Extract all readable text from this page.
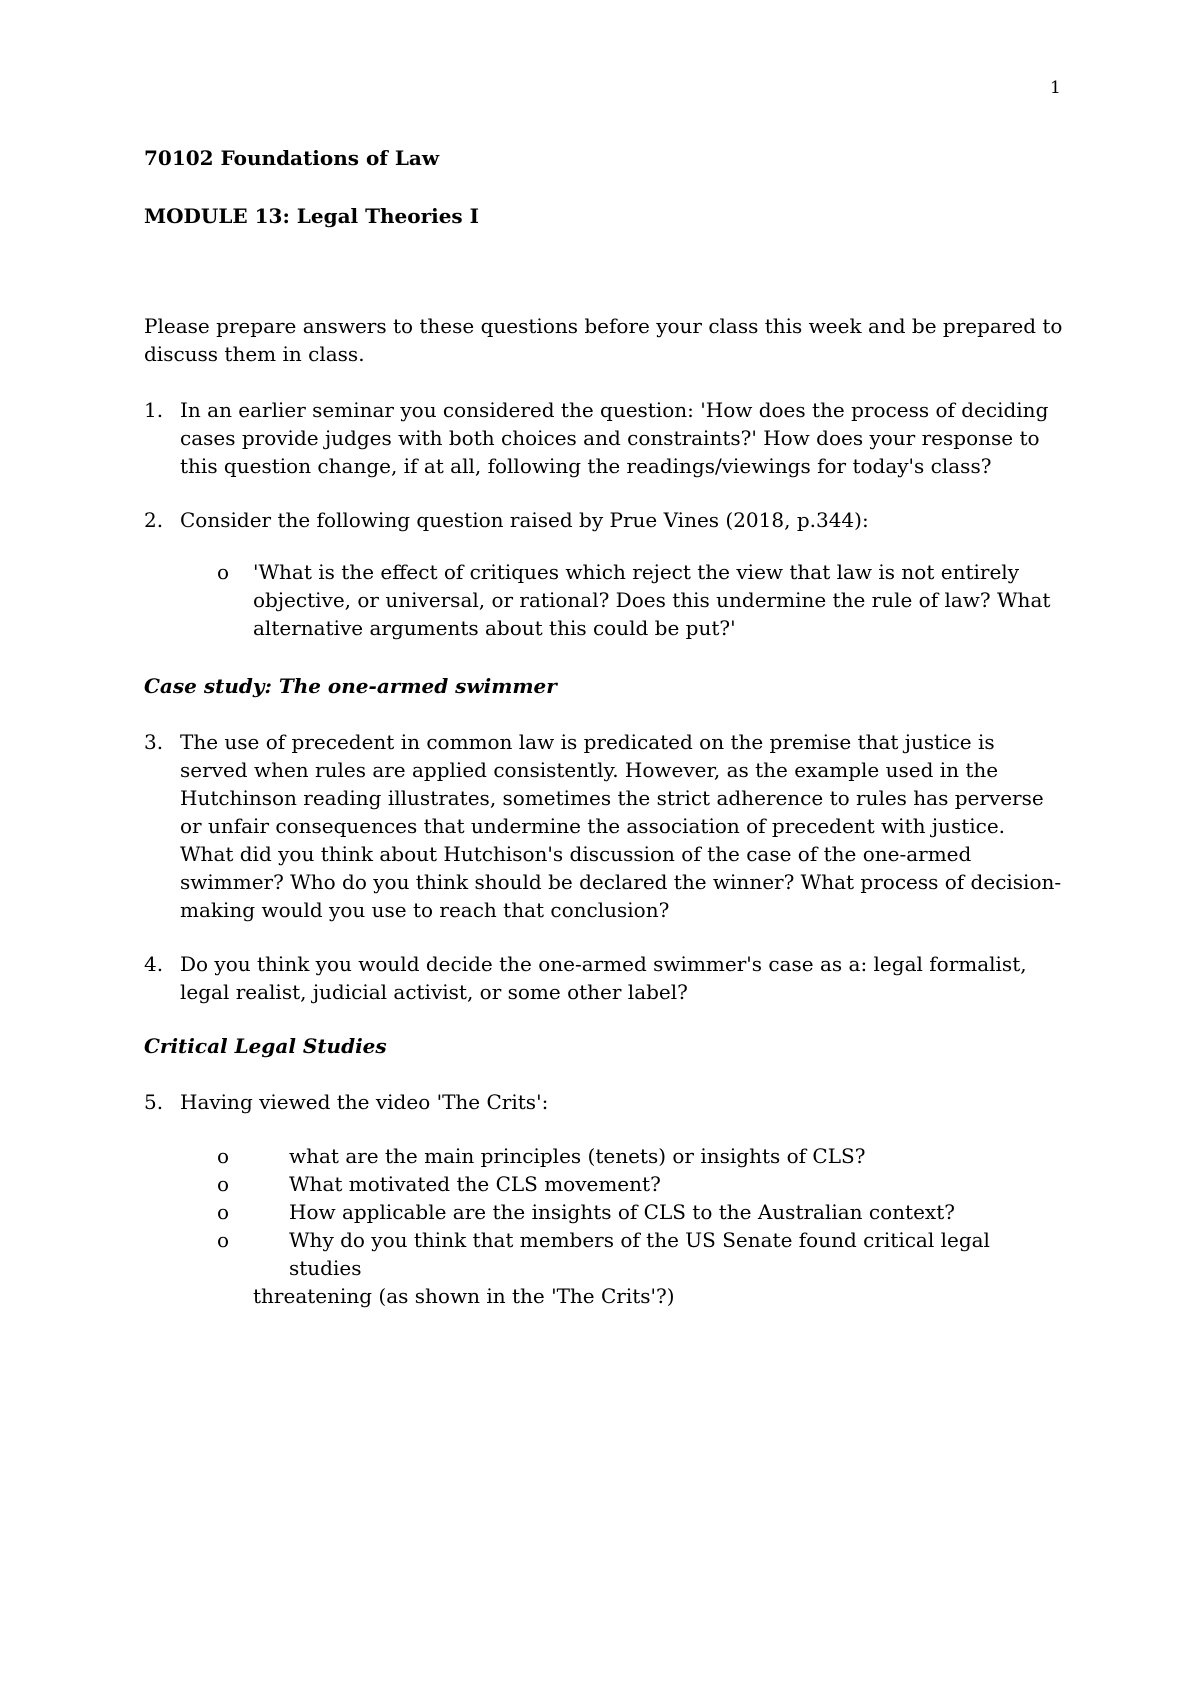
1
70102 Foundations of Law
MODULE 13: Legal Theories I
Please prepare answers to these questions before your class this week and be prepared to discuss them in class.
1. In an earlier seminar you considered the question: 'How does the process of deciding cases provide judges with both choices and constraints?' How does your response to this question change, if at all, following the readings/viewings for today's class?
2. Consider the following question raised by Prue Vines (2018, p.344):
o 'What is the effect of critiques which reject the view that law is not entirely objective, or universal, or rational? Does this undermine the rule of law? What alternative arguments about this could be put?'
Case study: The one-armed swimmer
3. The use of precedent in common law is predicated on the premise that justice is served when rules are applied consistently. However, as the example used in the Hutchinson reading illustrates, sometimes the strict adherence to rules has perverse or unfair consequences that undermine the association of precedent with justice. What did you think about Hutchison's discussion of the case of the one-armed swimmer? Who do you think should be declared the winner? What process of decision-making would you use to reach that conclusion?
4. Do you think you would decide the one-armed swimmer's case as a: legal formalist, legal realist, judicial activist, or some other label?
Critical Legal Studies
5. Having viewed the video 'The Crits':
o	what are the main principles (tenets) or insights of CLS?
o	What motivated the CLS movement?
o	How applicable are the insights of CLS to the Australian context?
o	Why do you think that members of the US Senate found critical legal studies
threatening (as shown in the 'The Crits'?)
